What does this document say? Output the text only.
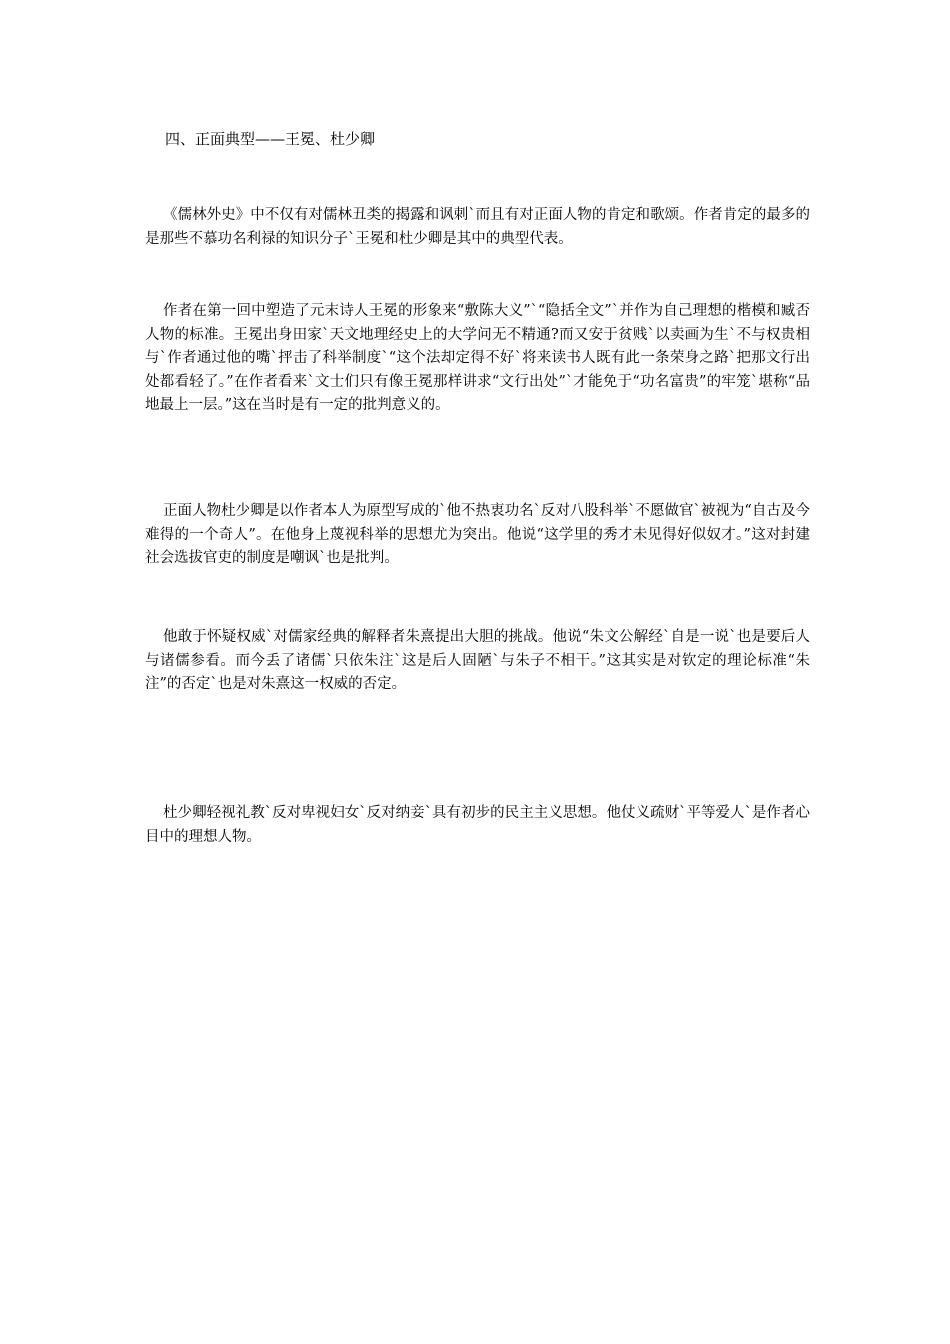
四、正面典型——王冕、杜少卿

《儒林外史》中不仅有对儒林丑类的揭露和讽刺`而且有对正面人物的肯定和歌颂。作者肯定的最多的是那些不慕功名利禄的知识分子`王冕和杜少卿是其中的典型代表。

作者在第一回中塑造了元末诗人王冕的形象来“敷陈大义”`“隐括全文”`并作为自己理想的楷模和臧否人物的标准。王冕出身田家`天文地理经史上的大学问无不精通?而又安于贫贱`以卖画为生`不与权贵相与`作者通过他的嘴`抨击了科举制度`“这个法却定得不好`将来读书人既有此一条荣身之路`把那文行出处都看轻了。”在作者看来`文士们只有像王冕那样讲求“文行出处”`才能免于“功名富贵”的牢笼`堪称“品地最上一层。”这在当时是有一定的批判意义的。

正面人物杜少卿是以作者本人为原型写成的`他不热衷功名`反对八股科举`不愿做官`被视为“自古及今难得的一个奇人”。在他身上蔑视科举的思想尤为突出。他说“这学里的秀才未见得好似奴才。”这对封建社会选拔官吏的制度是嘲讽`也是批判。

他敢于怀疑权威`对儒家经典的解释者朱熹提出大胆的挑战。他说“朱文公解经`自是一说`也是要后人与诸儒参看。而今丢了诸儒`只依朱注`这是后人固陋`与朱子不相干。”这其实是对钦定的理论标准“朱注”的否定`也是对朱熹这一权威的否定。

杜少卿轻视礼教`反对卑视妇女`反对纳妾`具有初步的民主主义思想。他仗义疏财`平等爱人`是作者心目中的理想人物。
